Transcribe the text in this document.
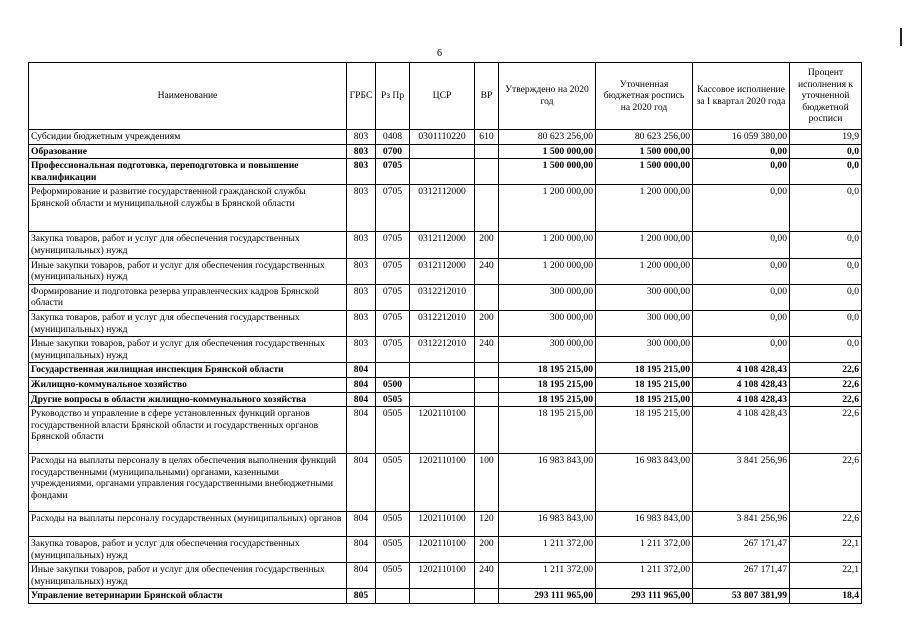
6
Наименование	ГРБС	Рз Пр	ЦСР	ВР	Утверждено на 2020 год	Уточненная бюджетная роспись на 2020 год	Кассовое исполнение за I квартал 2020 года	Процент исполнения к уточненной бюджетной росписи
Субсидии бюджетным учреждениям	803	0408	0301110220	610	80 623 256,00	80 623 256,00	16 059 380,00	19,9
Образование	803	0700			1 500 000,00	1 500 000,00	0,00	0,0
Профессиональная подготовка, переподготовка и повышение квалификации	803	0705			1 500 000,00	1 500 000,00	0,00	0,0
Реформирование и развитие государственной гражданской службы Брянской области и муниципальной службы в Брянской области	803	0705	0312112000		1 200 000,00	1 200 000,00	0,00	0,0
Закупка товаров, работ и услуг для обеспечения государственных (муниципальных) нужд	803	0705	0312112000	200	1 200 000,00	1 200 000,00	0,00	0,0
Иные закупки товаров, работ и услуг для обеспечения государственных (муниципальных) нужд	803	0705	0312112000	240	1 200 000,00	1 200 000,00	0,00	0,0
Формирование и подготовка резерва управленческих кадров Брянской области	803	0705	0312212010		300 000,00	300 000,00	0,00	0,0
Закупка товаров, работ и услуг для обеспечения государственных (муниципальных) нужд	803	0705	0312212010	200	300 000,00	300 000,00	0,00	0,0
Иные закупки товаров, работ и услуг для обеспечения государственных (муниципальных) нужд	803	0705	0312212010	240	300 000,00	300 000,00	0,00	0,0
Государственная жилищная инспекция Брянской области	804				18 195 215,00	18 195 215,00	4 108 428,43	22,6
Жилищно-коммунальное хозяйство	804	0500			18 195 215,00	18 195 215,00	4 108 428,43	22,6
Другие вопросы в области жилищно-коммунального хозяйства	804	0505			18 195 215,00	18 195 215,00	4 108 428,43	22,6
Руководство и управление в сфере установленных функций органов государственной власти Брянской области и государственных органов Брянской области	804	0505	1202110100		18 195 215,00	18 195 215,00	4 108 428,43	22,6
Расходы на выплаты персоналу в целях обеспечения выполнения функций государственными (муниципальными) органами, казенными учреждениями, органами управления государственными внебюджетными фондами	804	0505	1202110100	100	16 983 843,00	16 983 843,00	3 841 256,96	22,6
Расходы на выплаты персоналу государственных (муниципальных) органов	804	0505	1202110100	120	16 983 843,00	16 983 843,00	3 841 256,96	22,6
Закупка товаров, работ и услуг для обеспечения государственных (муниципальных) нужд	804	0505	1202110100	200	1 211 372,00	1 211 372,00	267 171,47	22,1
Иные закупки товаров, работ и услуг для обеспечения государственных (муниципальных) нужд	804	0505	1202110100	240	1 211 372,00	1 211 372,00	267 171,47	22,1
Управление ветеринарии Брянской области	805				293 111 965,00	293 111 965,00	53 807 381,99	18,4
